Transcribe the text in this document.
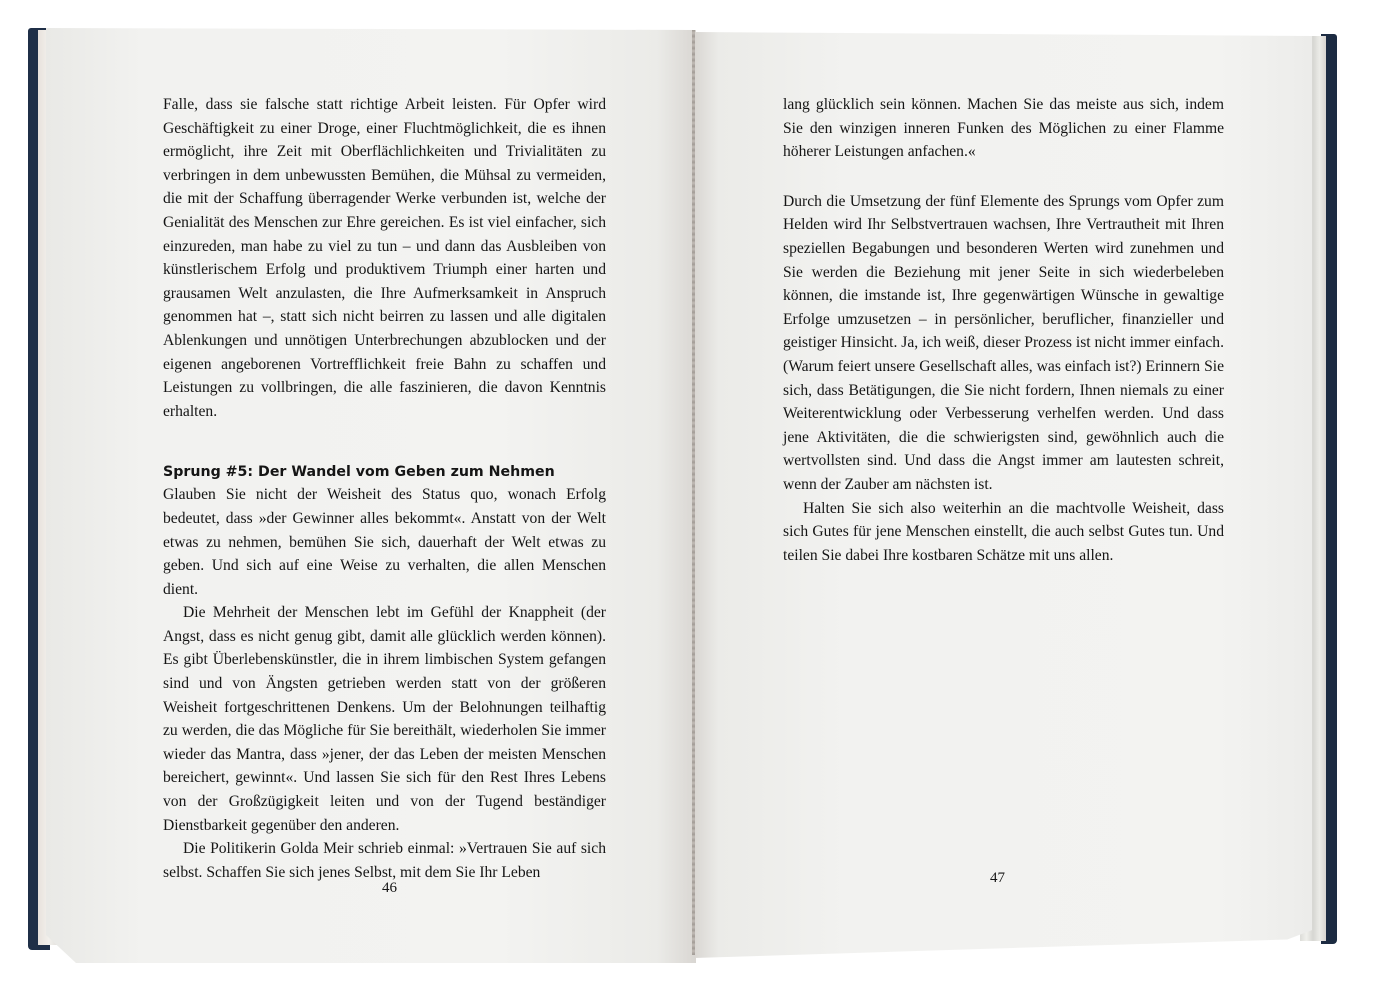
Falle, dass sie falsche statt richtige Arbeit leisten. Für Opfer wird Geschäftigkeit zu einer Droge, einer Fluchtmöglichkeit, die es ihnen ermöglicht, ihre Zeit mit Oberflächlichkeiten und Trivialitäten zu verbringen in dem unbewussten Bemühen, die Mühsal zu vermeiden, die mit der Schaffung überragender Werke verbunden ist, welche der Genialität des Menschen zur Ehre gereichen. Es ist viel einfacher, sich einzureden, man habe zu viel zu tun – und dann das Ausbleiben von künstlerischem Erfolg und produktivem Triumph einer harten und grausamen Welt anzulasten, die Ihre Aufmerksamkeit in Anspruch genommen hat –, statt sich nicht beirren zu lassen und alle digitalen Ablenkungen und unnötigen Unterbrechungen abzublocken und der eigenen angeborenen Vortrefflichkeit freie Bahn zu schaffen und Leistungen zu vollbringen, die alle faszinieren, die davon Kenntnis erhalten.

Sprung #5: Der Wandel vom Geben zum Nehmen

Glauben Sie nicht der Weisheit des Status quo, wonach Erfolg bedeutet, dass »der Gewinner alles bekommt«. Anstatt von der Welt etwas zu nehmen, bemühen Sie sich, dauerhaft der Welt etwas zu geben. Und sich auf eine Weise zu verhalten, die allen Menschen dient.

Die Mehrheit der Menschen lebt im Gefühl der Knappheit (der Angst, dass es nicht genug gibt, damit alle glücklich werden können). Es gibt Überlebenskünstler, die in ihrem limbischen System gefangen sind und von Ängsten getrieben werden statt von der größeren Weisheit fortgeschrittenen Denkens. Um der Belohnungen teilhaftig zu werden, die das Mögliche für Sie bereithält, wiederholen Sie immer wieder das Mantra, dass »jener, der das Leben der meisten Menschen bereichert, gewinnt«. Und lassen Sie sich für den Rest Ihres Lebens von der Großzügigkeit leiten und von der Tugend beständiger Dienstbarkeit gegenüber den anderen.

Die Politikerin Golda Meir schrieb einmal: »Vertrauen Sie auf sich selbst. Schaffen Sie sich jenes Selbst, mit dem Sie Ihr Leben

lang glücklich sein können. Machen Sie das meiste aus sich, indem Sie den winzigen inneren Funken des Möglichen zu einer Flamme höherer Leistungen anfachen.«

Durch die Umsetzung der fünf Elemente des Sprungs vom Opfer zum Helden wird Ihr Selbstvertrauen wachsen, Ihre Vertrautheit mit Ihren speziellen Begabungen und besonderen Werten wird zunehmen und Sie werden die Beziehung mit jener Seite in sich wiederbeleben können, die imstande ist, Ihre gegenwärtigen Wünsche in gewaltige Erfolge umzusetzen – in persönlicher, beruflicher, finanzieller und geistiger Hinsicht. Ja, ich weiß, dieser Prozess ist nicht immer einfach. (Warum feiert unsere Gesellschaft alles, was einfach ist?) Erinnern Sie sich, dass Betätigungen, die Sie nicht fordern, Ihnen niemals zu einer Weiterentwicklung oder Verbesserung verhelfen werden. Und dass jene Aktivitäten, die die schwierigsten sind, gewöhnlich auch die wertvollsten sind. Und dass die Angst immer am lautesten schreit, wenn der Zauber am nächsten ist.

Halten Sie sich also weiterhin an die machtvolle Weisheit, dass sich Gutes für jene Menschen einstellt, die auch selbst Gutes tun. Und teilen Sie dabei Ihre kostbaren Schätze mit uns allen.

46
47
